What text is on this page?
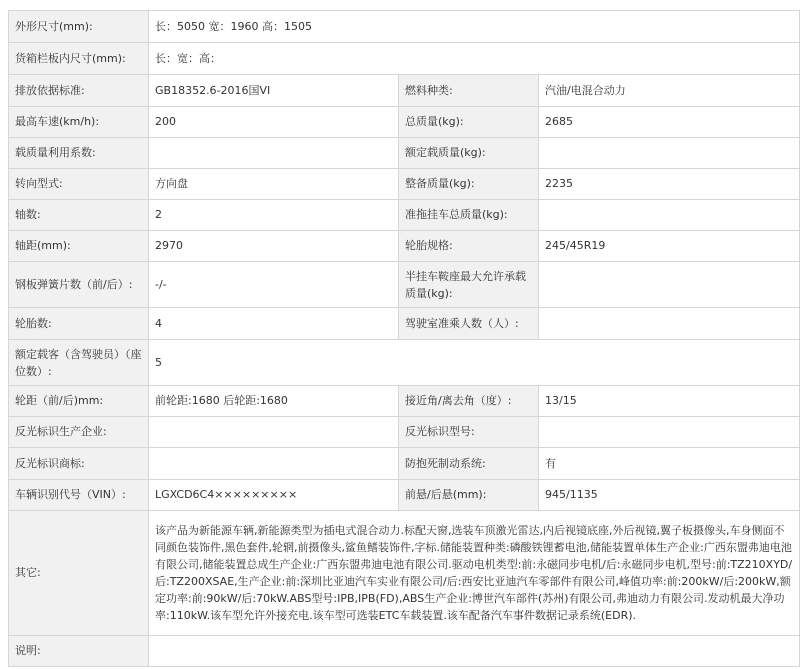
外形尺寸(mm):	长：5050 宽：1960 高：1505		
货箱栏板内尺寸(mm):	长：宽：高：		
排放依据标准:	GB18352.6-2016国VI	燃料种类:	汽油/电混合动力
最高车速(km/h):	200	总质量(kg):	2685
载质量利用系数:		额定载质量(kg):	
转向型式:	方向盘	整备质量(kg):	2235
轴数:	2	准拖挂车总质量(kg):	
轴距(mm):	2970	轮胎规格:	245/45R19
钢板弹簧片数（前/后）:	-/-	半挂车鞍座最大允许承载质量(kg):	
轮胎数:	4	驾驶室准乘人数（人）:	
额定载客（含驾驶员）（座位数）:	5		
轮距（前/后)mm:	前轮距:1680 后轮距:1680	接近角/离去角（度）:	13/15
反光标识生产企业:		反光标识型号:	
反光标识商标:		防抱死制动系统:	有
车辆识别代号（VIN）:	LGXCD6C4×××××××××	前悬/后悬(mm):	945/1135
其它:	该产品为新能源车辆,新能源类型为插电式混合动力.标配天窗,选装车顶激光雷达,内后视镜底座,外后视镜,翼子板摄像头,车身侧面不同颜色装饰件,黑色套件,轮辋,前摄像头,鲨鱼鳍装饰件,字标.储能装置种类:磷酸铁锂蓄电池,储能装置单体生产企业:广西东盟弗迪电池有限公司,储能装置总成生产企业:广西东盟弗迪电池有限公司.驱动电机类型:前:永磁同步电机/后:永磁同步电机,型号:前:TZ210XYD/后:TZ200XSAE,生产企业:前:深圳比亚迪汽车实业有限公司/后:西安比亚迪汽车零部件有限公司,峰值功率:前:200kW/后:200kW,额定功率:前:90kW/后:70kW.ABS型号:IPB,IPB(FD),ABS生产企业:博世汽车部件(苏州)有限公司,弗迪动力有限公司.发动机最大净功率:110kW.该车型允许外接充电.该车型可选装ETC车载装置.该车配备汽车事件数据记录系统(EDR).		
说明:			
